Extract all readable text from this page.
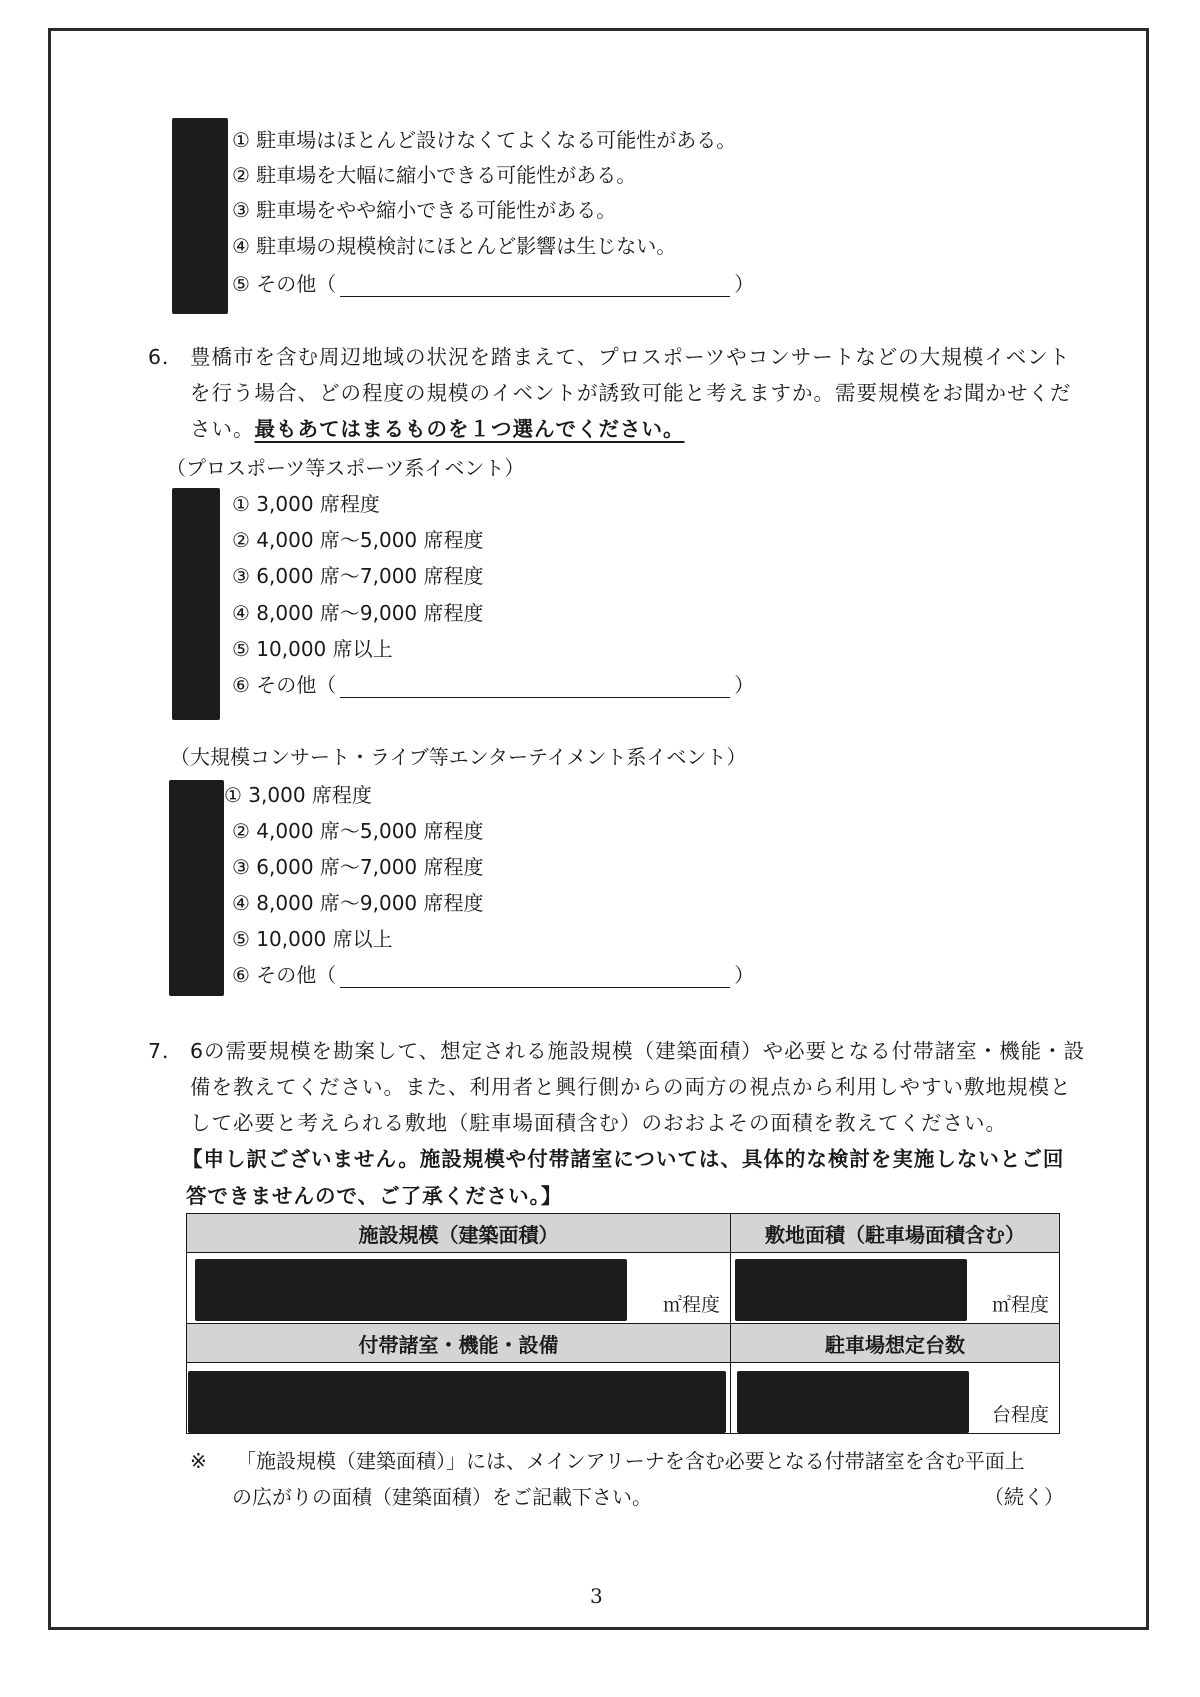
① 駐車場はほとんど設けなくてよくなる可能性がある。
② 駐車場を大幅に縮小できる可能性がある。
③ 駐車場をやや縮小できる可能性がある。
④ 駐車場の規模検討にほとんど影響は生じない。
⑤ その他（	）
6． 豊橋市を含む周辺地域の状況を踏まえて、プロスポーツやコンサートなどの大規模イベント
を行う場合、どの程度の規模のイベントが誘致可能と考えますか。需要規模をお聞かせくだ
さい。最もあてはまるものを１つ選んでください。
（プロスポーツ等スポーツ系イベント）
① 3,000 席程度
② 4,000 席～5,000 席程度
③ 6,000 席～7,000 席程度
④ 8,000 席～9,000 席程度
⑤ 10,000 席以上
⑥ その他（	）
（大規模コンサート・ライブ等エンターテイメント系イベント）
① 3,000 席程度
② 4,000 席～5,000 席程度
③ 6,000 席～7,000 席程度
④ 8,000 席～9,000 席程度
⑤ 10,000 席以上
⑥ その他（	）
7． 6の需要規模を勘案して、想定される施設規模（建築面積）や必要となる付帯諸室・機能・設
備を教えてください。また、利用者と興行側からの両方の視点から利用しやすい敷地規模と
して必要と考えられる敷地（駐車場面積含む）のおおよその面積を教えてください。
【申し訳ございません。施設規模や付帯諸室については、具体的な検討を実施しないとご回
答できませんので、ご了承ください。】
施設規模（建築面積）	敷地面積（駐車場面積含む）

㎡程度	㎡程度

付帯諸室・機能・設備	駐車場想定台数

	台程度
※ 「施設規模（建築面積）」には、メインアリーナを含む必要となる付帯諸室を含む平面上
の広がりの面積（建築面積）をご記載下さい。	（続く）
3
